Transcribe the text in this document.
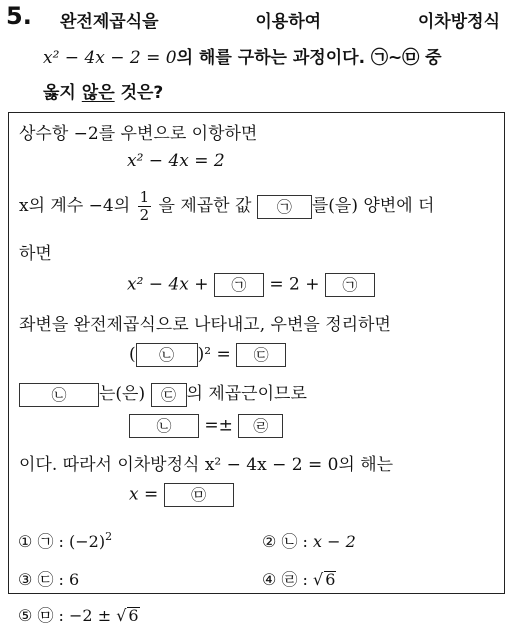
5. 완전제곱식을	이용하여	이차방정식
x² − 4x − 2 = 0의 해를 구하는 과정이다. ㉠~㉤ 중
옳지 않은 것은?
상수항 −2를 우변으로 이항하면
x² − 4x = 2
x의 계수 −4의 $\frac{1}{2}$ 을 제곱한 값 ㉠ 를(을) 양변에 더
하면
x² − 4x + ㉠ = 2 + ㉠
좌변을 완전제곱식으로 나타내고, 우변을 정리하면
( ㉡ )² = ㉢
㉡ 는(은) ㉢ 의 제곱근이므로
㉡ =± ㉣
이다. 따라서 이차방정식 x² − 4x − 2 = 0의 해는
x = ㉤
① ㉠ : $(-2)^2$	② ㉡ : x − 2
③ ㉢ : 6	④ ㉣ : √ 6
⑤ ㉤ : −2 ± √ 6
